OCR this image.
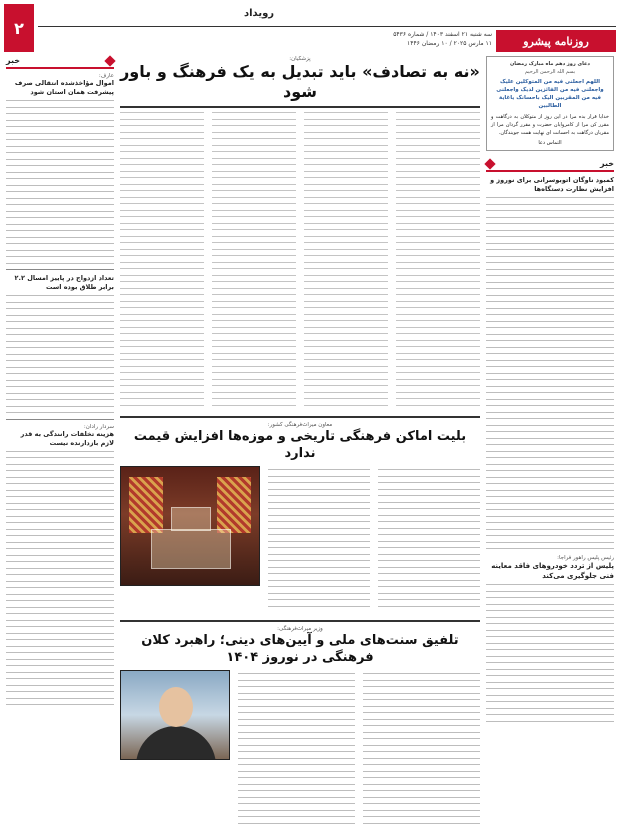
۲
رویداد
روزنامه پیشرو
سه شنبه ۲۱ اسفند ۱۴۰۳ / شماره ۵۴۳۶
۱۱ مارس ۲۰۲۵ / ۱۰ رمضان ۱۴۴۶
دعای روز دهم ماه مبارک رمضان
بسم الله الرحمن الرحیم
اللهم اجعلنی فیه من المتوکلین علیک واجعلنی فیه من الفائزین لدیک واجعلنی فیه من المقربین الیک باحسانک یاغایة الطالبین
خدایا قرار بده مرا در این روز از متوکلان به درگاهت و مقرر کن مرا از کامروایان حضرت و مقرر گردان مرا از مقربان درگاهت به احسانت ای نهایت همت جویندگان.
التماس دعا
خبر
کمبود ناوگان اتوبوسرانی برای نوروز و افزایش نظارت دستگاه‌ها
رئیس پلیس راهور فراجا:
پلیس از تردد خودروهای فاقد معاینه فنی جلوگیری می‌کند
خبر
عارف:
اموال مؤاخذشده انتقالی صرف پیشرفت همان استان شود
تعداد ازدواج در پاییز امسال ۲.۲ برابر طلاق بوده است
سردار رادان:
هزینه تخلفات رانندگی به قدر لازم بازدارنده نیست
پزشکیان:
«نه به تصادف» باید تبدیل به یک فرهنگ و باور شود
معاون میراث‌فرهنگی کشور:
بلیت اماکن فرهنگی تاریخی و موزه‌ها افزایش قیمت ندارد
وزیر میراث‌فرهنگی:
تلفیق سنت‌های ملی و آیین‌های دینی؛ راهبرد کلان فرهنگی در نوروز ۱۴۰۴
